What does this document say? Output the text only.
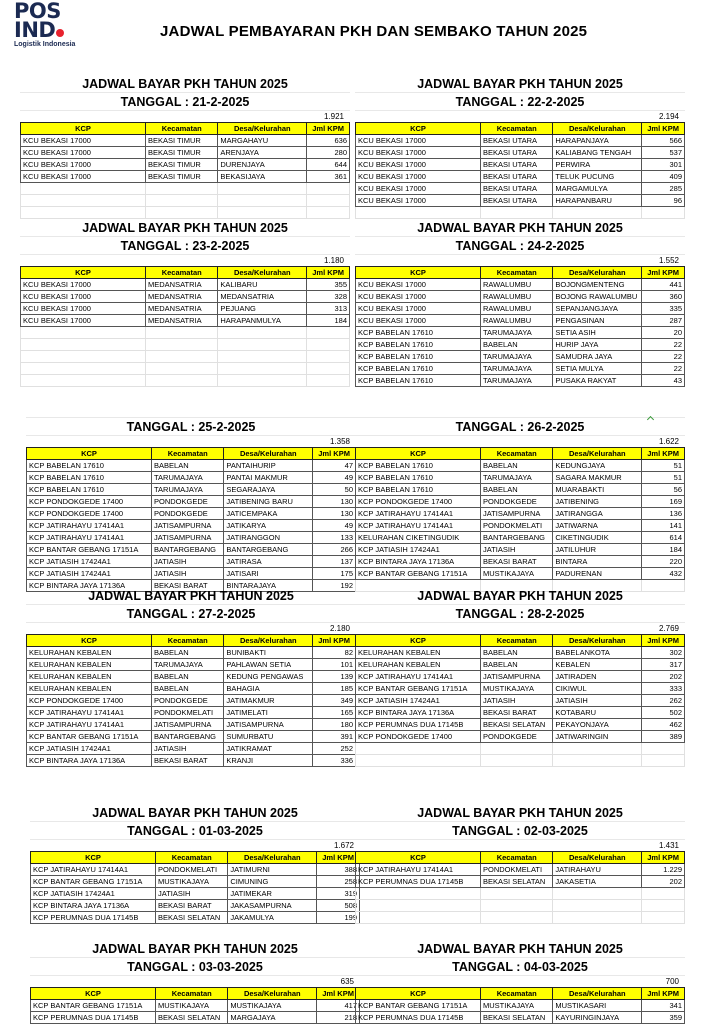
POS
IND
Logistik Indonesia
JADWAL PEMBAYARAN PKH DAN SEMBAKO TAHUN 2025
JADWAL BAYAR PKH TAHUN 2025
TANGGAL : 21-2-2025
1.921
KCP	Kecamatan	Desa/Kelurahan	Jml KPM
KCU BEKASI 17000	BEKASI TIMUR	MARGAHAYU	636
KCU BEKASI 17000	BEKASI TIMUR	ARENJAYA	280
KCU BEKASI 17000	BEKASI TIMUR	DURENJAYA	644
KCU BEKASI 17000	BEKASI TIMUR	BEKASIJAYA	361

JADWAL BAYAR PKH TAHUN 2025
TANGGAL : 22-2-2025
2.194
KCP	Kecamatan	Desa/Kelurahan	Jml KPM
KCU BEKASI 17000	BEKASI UTARA	HARAPANJAYA	566
KCU BEKASI 17000	BEKASI UTARA	KALIABANG TENGAH	537
KCU BEKASI 17000	BEKASI UTARA	PERWIRA	301
KCU BEKASI 17000	BEKASI UTARA	TELUK PUCUNG	409
KCU BEKASI 17000	BEKASI UTARA	MARGAMULYA	285
KCU BEKASI 17000	BEKASI UTARA	HARAPANBARU	96

JADWAL BAYAR PKH TAHUN 2025
TANGGAL : 23-2-2025
1.180
KCP	Kecamatan	Desa/Kelurahan	Jml KPM
KCU BEKASI 17000	MEDANSATRIA	KALIBARU	355
KCU BEKASI 17000	MEDANSATRIA	MEDANSATRIA	328
KCU BEKASI 17000	MEDANSATRIA	PEJUANG	313
KCU BEKASI 17000	MEDANSATRIA	HARAPANMULYA	184

JADWAL BAYAR PKH TAHUN 2025
TANGGAL : 24-2-2025
1.552
KCP	Kecamatan	Desa/Kelurahan	Jml KPM
KCU BEKASI 17000	RAWALUMBU	BOJONGMENTENG	441
KCU BEKASI 17000	RAWALUMBU	BOJONG RAWALUMBU	360
KCU BEKASI 17000	RAWALUMBU	SEPANJANGJAYA	335
KCU BEKASI 17000	RAWALUMBU	PENGASINAN	287
KCP BABELAN 17610	TARUMAJAYA	SETIA ASIH	20
KCP BABELAN 17610	BABELAN	HURIP JAYA	22
KCP BABELAN 17610	TARUMAJAYA	SAMUDRA JAYA	22
KCP BABELAN 17610	TARUMAJAYA	SETIA MULYA	22
KCP BABELAN 17610	TARUMAJAYA	PUSAKA RAKYAT	43
TANGGAL : 25-2-2025
1.358
KCP	Kecamatan	Desa/Kelurahan	Jml KPM
KCP BABELAN 17610	BABELAN	PANTAIHURIP	47
KCP BABELAN 17610	TARUMAJAYA	PANTAI MAKMUR	49
KCP BABELAN 17610	TARUMAJAYA	SEGARAJAYA	50
KCP PONDOKGEDE 17400	PONDOKGEDE	JATIBENING BARU	130
KCP PONDOKGEDE 17400	PONDOKGEDE	JATICEMPAKA	130
KCP JATIRAHAYU 17414A1	JATISAMPURNA	JATIKARYA	49
KCP JATIRAHAYU 17414A1	JATISAMPURNA	JATIRANGGON	133
KCP BANTAR GEBANG 17151A	BANTARGEBANG	BANTARGEBANG	266
KCP JATIASIH 17424A1	JATIASIH	JATIRASA	137
KCP JATIASIH 17424A1	JATIASIH	JATISARI	175
KCP BINTARA JAYA 17136A	BEKASI BARAT	BINTARAJAYA	192
TANGGAL : 26-2-2025
1.622
KCP	Kecamatan	Desa/Kelurahan	Jml KPM
KCP BABELAN 17610	BABELAN	KEDUNGJAYA	51
KCP BABELAN 17610	TARUMAJAYA	SAGARA MAKMUR	51
KCP BABELAN 17610	BABELAN	MUARABAKTI	56
KCP PONDOKGEDE 17400	PONDOKGEDE	JATIBENING	169
KCP JATIRAHAYU 17414A1	JATISAMPURNA	JATIRANGGA	136
KCP JATIRAHAYU 17414A1	PONDOKMELATI	JATIWARNA	141
KELURAHAN CIKETINGUDIK	BANTARGEBANG	CIKETINGUDIK	614
KCP JATIASIH 17424A1	JATIASIH	JATILUHUR	184
KCP BINTARA JAYA 17136A	BEKASI BARAT	BINTARA	220
KCP BANTAR GEBANG 17151A	MUSTIKAJAYA	PADURENAN	432

JADWAL BAYAR PKH TAHUN 2025
TANGGAL : 27-2-2025
2.180
KCP	Kecamatan	Desa/Kelurahan	Jml KPM
KELURAHAN KEBALEN	BABELAN	BUNIBAKTI	82
KELURAHAN KEBALEN	TARUMAJAYA	PAHLAWAN SETIA	101
KELURAHAN KEBALEN	BABELAN	KEDUNG PENGAWAS	139
KELURAHAN KEBALEN	BABELAN	BAHAGIA	185
KCP PONDOKGEDE 17400	PONDOKGEDE	JATIMAKMUR	349
KCP JATIRAHAYU 17414A1	PONDOKMELATI	JATIMELATI	165
KCP JATIRAHAYU 17414A1	JATISAMPURNA	JATISAMPURNA	180
KCP BANTAR GEBANG 17151A	BANTARGEBANG	SUMURBATU	391
KCP JATIASIH 17424A1	JATIASIH	JATIKRAMAT	252
KCP BINTARA JAYA 17136A	BEKASI BARAT	KRANJI	336
JADWAL BAYAR PKH TAHUN 2025
TANGGAL : 28-2-2025
2.769
KCP	Kecamatan	Desa/Kelurahan	Jml KPM
KELURAHAN KEBALEN	BABELAN	BABELANKOTA	302
KELURAHAN KEBALEN	BABELAN	KEBALEN	317
KCP JATIRAHAYU 17414A1	JATISAMPURNA	JATIRADEN	202
KCP BANTAR GEBANG 17151A	MUSTIKAJAYA	CIKIWUL	333
KCP JATIASIH 17424A1	JATIASIH	JATIASIH	262
KCP BINTARA JAYA 17136A	BEKASI BARAT	KOTABARU	502
KCP PERUMNAS DUA 17145B	BEKASI SELATAN	PEKAYONJAYA	462
KCP PONDOKGEDE 17400	PONDOKGEDE	JATIWARINGIN	389

JADWAL BAYAR PKH TAHUN 2025
TANGGAL : 01-03-2025
1.672
KCP	Kecamatan	Desa/Kelurahan	Jml KPM
KCP JATIRAHAYU 17414A1	PONDOKMELATI	JATIMURNI	388
KCP BANTAR GEBANG 17151A	MUSTIKAJAYA	CIMUNING	258
KCP JATIASIH 17424A1	JATIASIH	JATIMEKAR	319
KCP BINTARA JAYA 17136A	BEKASI BARAT	JAKASAMPURNA	508
KCP PERUMNAS DUA 17145B	BEKASI SELATAN	JAKAMULYA	199
JADWAL BAYAR PKH TAHUN 2025
TANGGAL : 02-03-2025
1.431
KCP	Kecamatan	Desa/Kelurahan	Jml KPM
KCP JATIRAHAYU 17414A1	PONDOKMELATI	JATIRAHAYU	1.229
KCP PERUMNAS DUA 17145B	BEKASI SELATAN	JAKASETIA	202

JADWAL BAYAR PKH TAHUN 2025
TANGGAL : 03-03-2025
635
KCP	Kecamatan	Desa/Kelurahan	Jml KPM
KCP BANTAR GEBANG 17151A	MUSTIKAJAYA	MUSTIKAJAYA	417
KCP PERUMNAS DUA 17145B	BEKASI SELATAN	MARGAJAYA	218
JADWAL BAYAR PKH TAHUN 2025
TANGGAL : 04-03-2025
700
KCP	Kecamatan	Desa/Kelurahan	Jml KPM
KCP BANTAR GEBANG 17151A	MUSTIKAJAYA	MUSTIKASARI	341
KCP PERUMNAS DUA 17145B	BEKASI SELATAN	KAYURINGINJAYA	359
